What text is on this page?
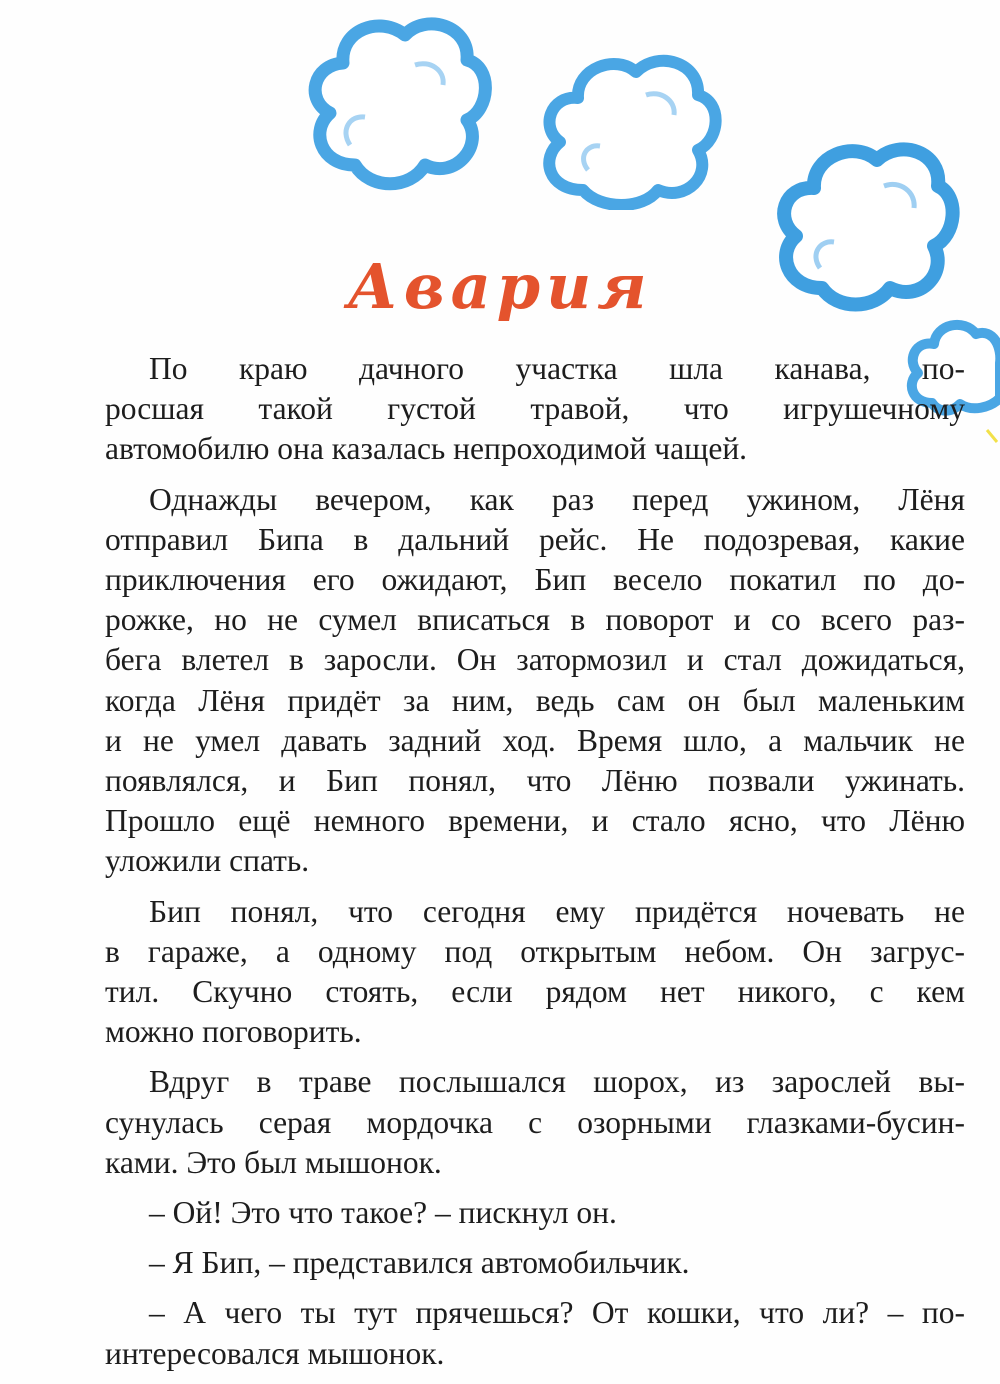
Авария
По краю дачного участка шла канава, по-
росшая такой густой травой, что игрушечному
автомобилю она казалась непроходимой чащей.
Однажды вечером, как раз перед ужином, Лёня
отправил Бипа в дальний рейс. Не подозревая, какие
приключения его ожидают, Бип весело покатил по до-
рожке, но не сумел вписаться в поворот и со всего раз-
бега влетел в заросли. Он затормозил и стал дожидаться,
когда Лёня придёт за ним, ведь сам он был маленьким
и не умел давать задний ход. Время шло, а мальчик не
появлялся, и Бип понял, что Лёню позвали ужинать.
Прошло ещё немного времени, и стало ясно, что Лёню
уложили спать.
Бип понял, что сегодня ему придётся ночевать не
в гараже, а одному под открытым небом. Он загрус-
тил. Скучно стоять, если рядом нет никого, с кем
можно поговорить.
Вдруг в траве послышался шорох, из зарослей вы-
сунулась серая мордочка с озорными глазками-бусин-
ками. Это был мышонок.
– Ой! Это что такое? – пискнул он.
– Я Бип, – представился автомобильчик.
– А чего ты тут прячешься? От кошки, что ли? – по-
интересовался мышонок.
